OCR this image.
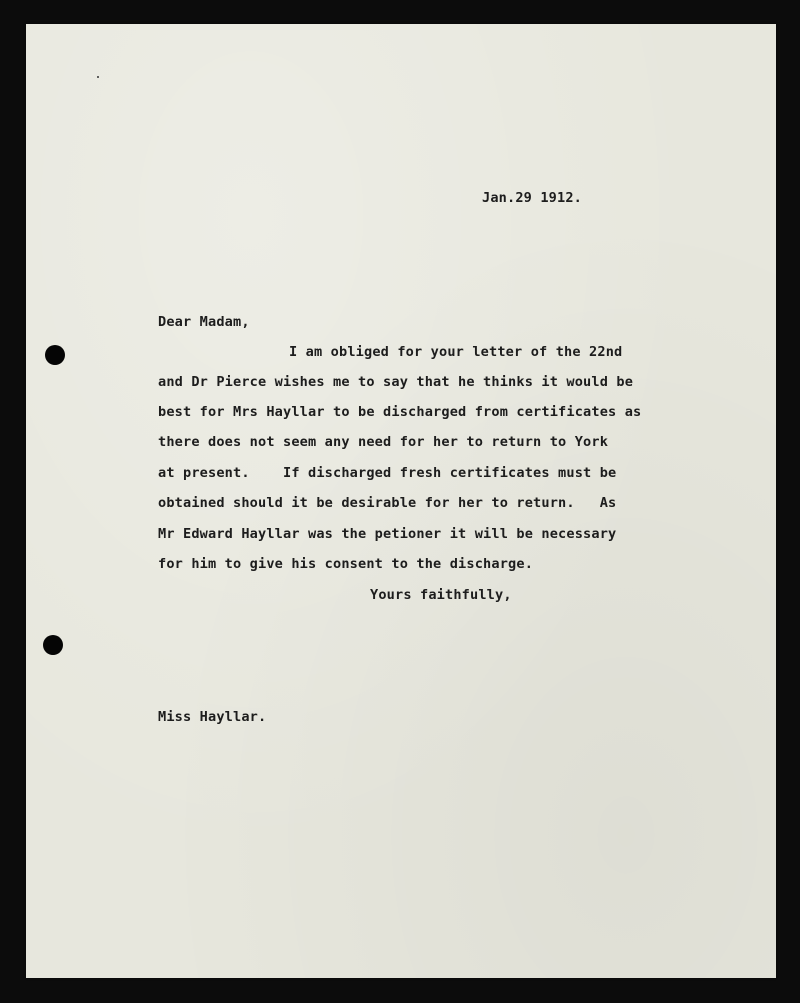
Jan.29 1912.
Dear Madam,
I am obliged for your letter of the 22nd
and Dr Pierce wishes me to say that he thinks it would be
best for Mrs Hayllar to be discharged from certificates as
there does not seem any need for her to return to York
at present.    If discharged fresh certificates must be
obtained should it be desirable for her to return.   As
Mr Edward Hayllar was the petioner it will be necessary
for him to give his consent to the discharge.
Yours faithfully,
Miss Hayllar.
